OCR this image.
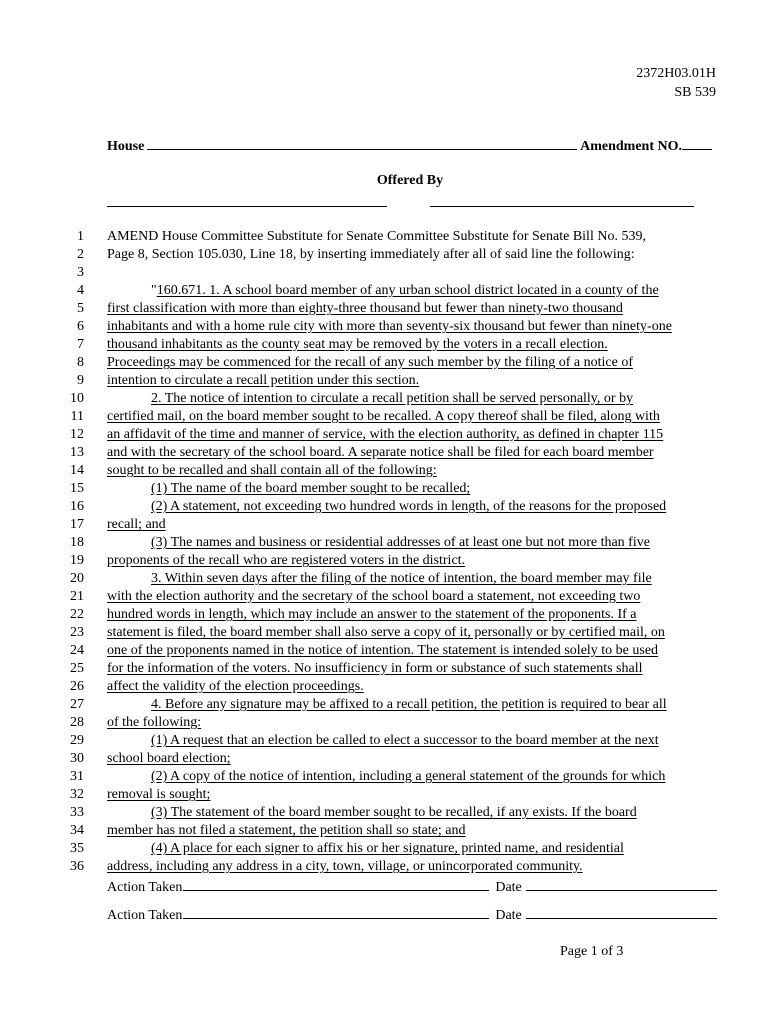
2372H03.01H
SB 539
House	Amendment NO.
Offered By
1 AMEND House Committee Substitute for Senate Committee Substitute for Senate Bill No. 539,
2 Page 8, Section 105.030, Line 18, by inserting immediately after all of said line the following:
3
4	"160.671. 1. A school board member of any urban school district located in a county of the
5 first classification with more than eighty-three thousand but fewer than ninety-two thousand
6 inhabitants and with a home rule city with more than seventy-six thousand but fewer than ninety-one
7 thousand inhabitants as the county seat may be removed by the voters in a recall election.
8 Proceedings may be commenced for the recall of any such member by the filing of a notice of
9 intention to circulate a recall petition under this section.
10	2. The notice of intention to circulate a recall petition shall be served personally, or by
11 certified mail, on the board member sought to be recalled. A copy thereof shall be filed, along with
12 an affidavit of the time and manner of service, with the election authority, as defined in chapter 115
13 and with the secretary of the school board. A separate notice shall be filed for each board member
14 sought to be recalled and shall contain all of the following:
15	(1) The name of the board member sought to be recalled;
16	(2) A statement, not exceeding two hundred words in length, of the reasons for the proposed
17 recall; and
18	(3) The names and business or residential addresses of at least one but not more than five
19 proponents of the recall who are registered voters in the district.
20	3. Within seven days after the filing of the notice of intention, the board member may file
21 with the election authority and the secretary of the school board a statement, not exceeding two
22 hundred words in length, which may include an answer to the statement of the proponents. If a
23 statement is filed, the board member shall also serve a copy of it, personally or by certified mail, on
24 one of the proponents named in the notice of intention. The statement is intended solely to be used
25 for the information of the voters. No insufficiency in form or substance of such statements shall
26 affect the validity of the election proceedings.
27	4. Before any signature may be affixed to a recall petition, the petition is required to bear all
28 of the following:
29	(1) A request that an election be called to elect a successor to the board member at the next
30 school board election;
31	(2) A copy of the notice of intention, including a general statement of the grounds for which
32 removal is sought;
33	(3) The statement of the board member sought to be recalled, if any exists. If the board
34 member has not filed a statement, the petition shall so state; and
35	(4) A place for each signer to affix his or her signature, printed name, and residential
36 address, including any address in a city, town, village, or unincorporated community.
Action Taken	Date
Action Taken	Date
Page 1 of 3
